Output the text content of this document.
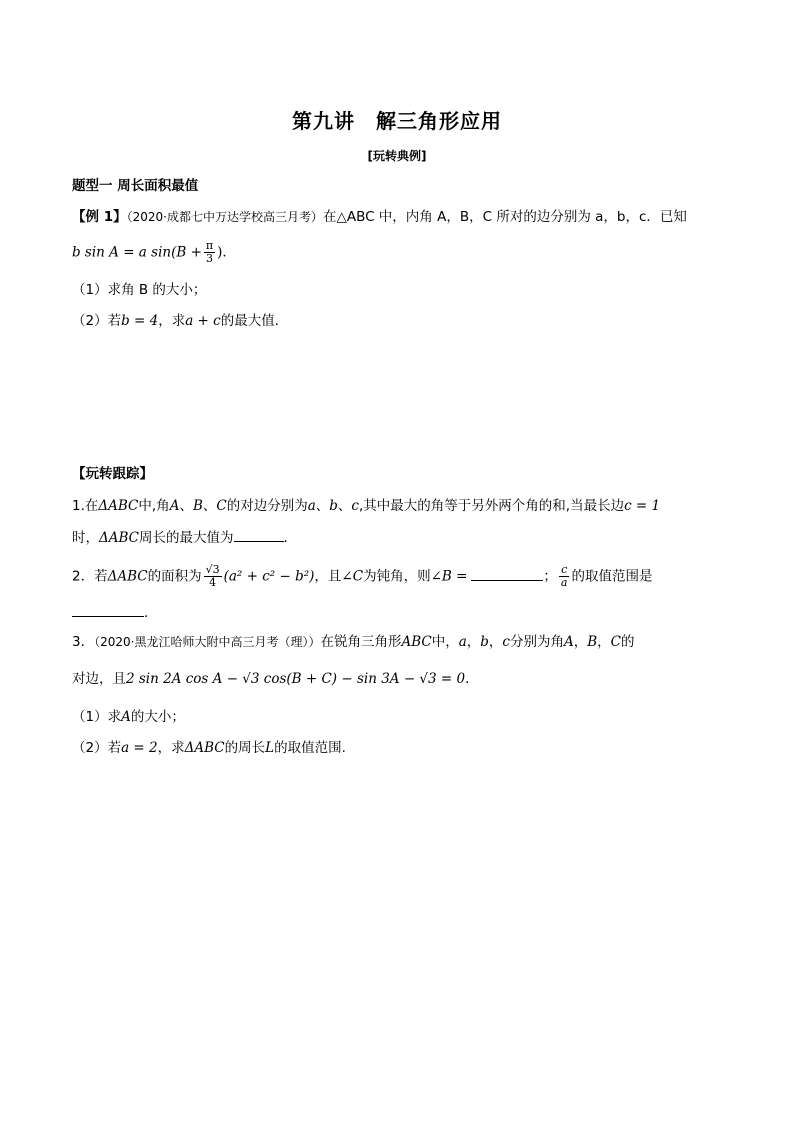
第九讲　解三角形应用
[玩转典例]
题型一 周长面积最值
【例 1】（2020·成都七中万达学校高三月考）在△ABC 中，内角 A，B，C 所对的边分别为 a，b，c．已知
b sin A = a $\sin(B + \frac{\pi}{3}$ )．
（1）求角 B 的大小；
（2）若b = 4，求a + c的最大值．
【玩转跟踪】
1.在ΔABC中,角A、B、C的对边分别为a、b、c,其中最大的角等于另外两个角的和,当最长边c = 1
时，ΔABC周长的最大值为	．
2．若ΔABC的面积为 $\frac{√3}{4} (a^2 + c^2 - b^2)$，且∠C为钝角，则∠B =	； $\frac{c}{a}$ 的取值范围是
．
3．（2020·黑龙江哈师大附中高三月考（理））在锐角三角形ABC中，a，b，c分别为角A，B，C的
对边，且2 sin 2A cos A − √3 cos(B + C) − sin 3A − √3 = 0．
（1）求A的大小；
（2）若a = 2，求ΔABC的周长L的取值范围.
